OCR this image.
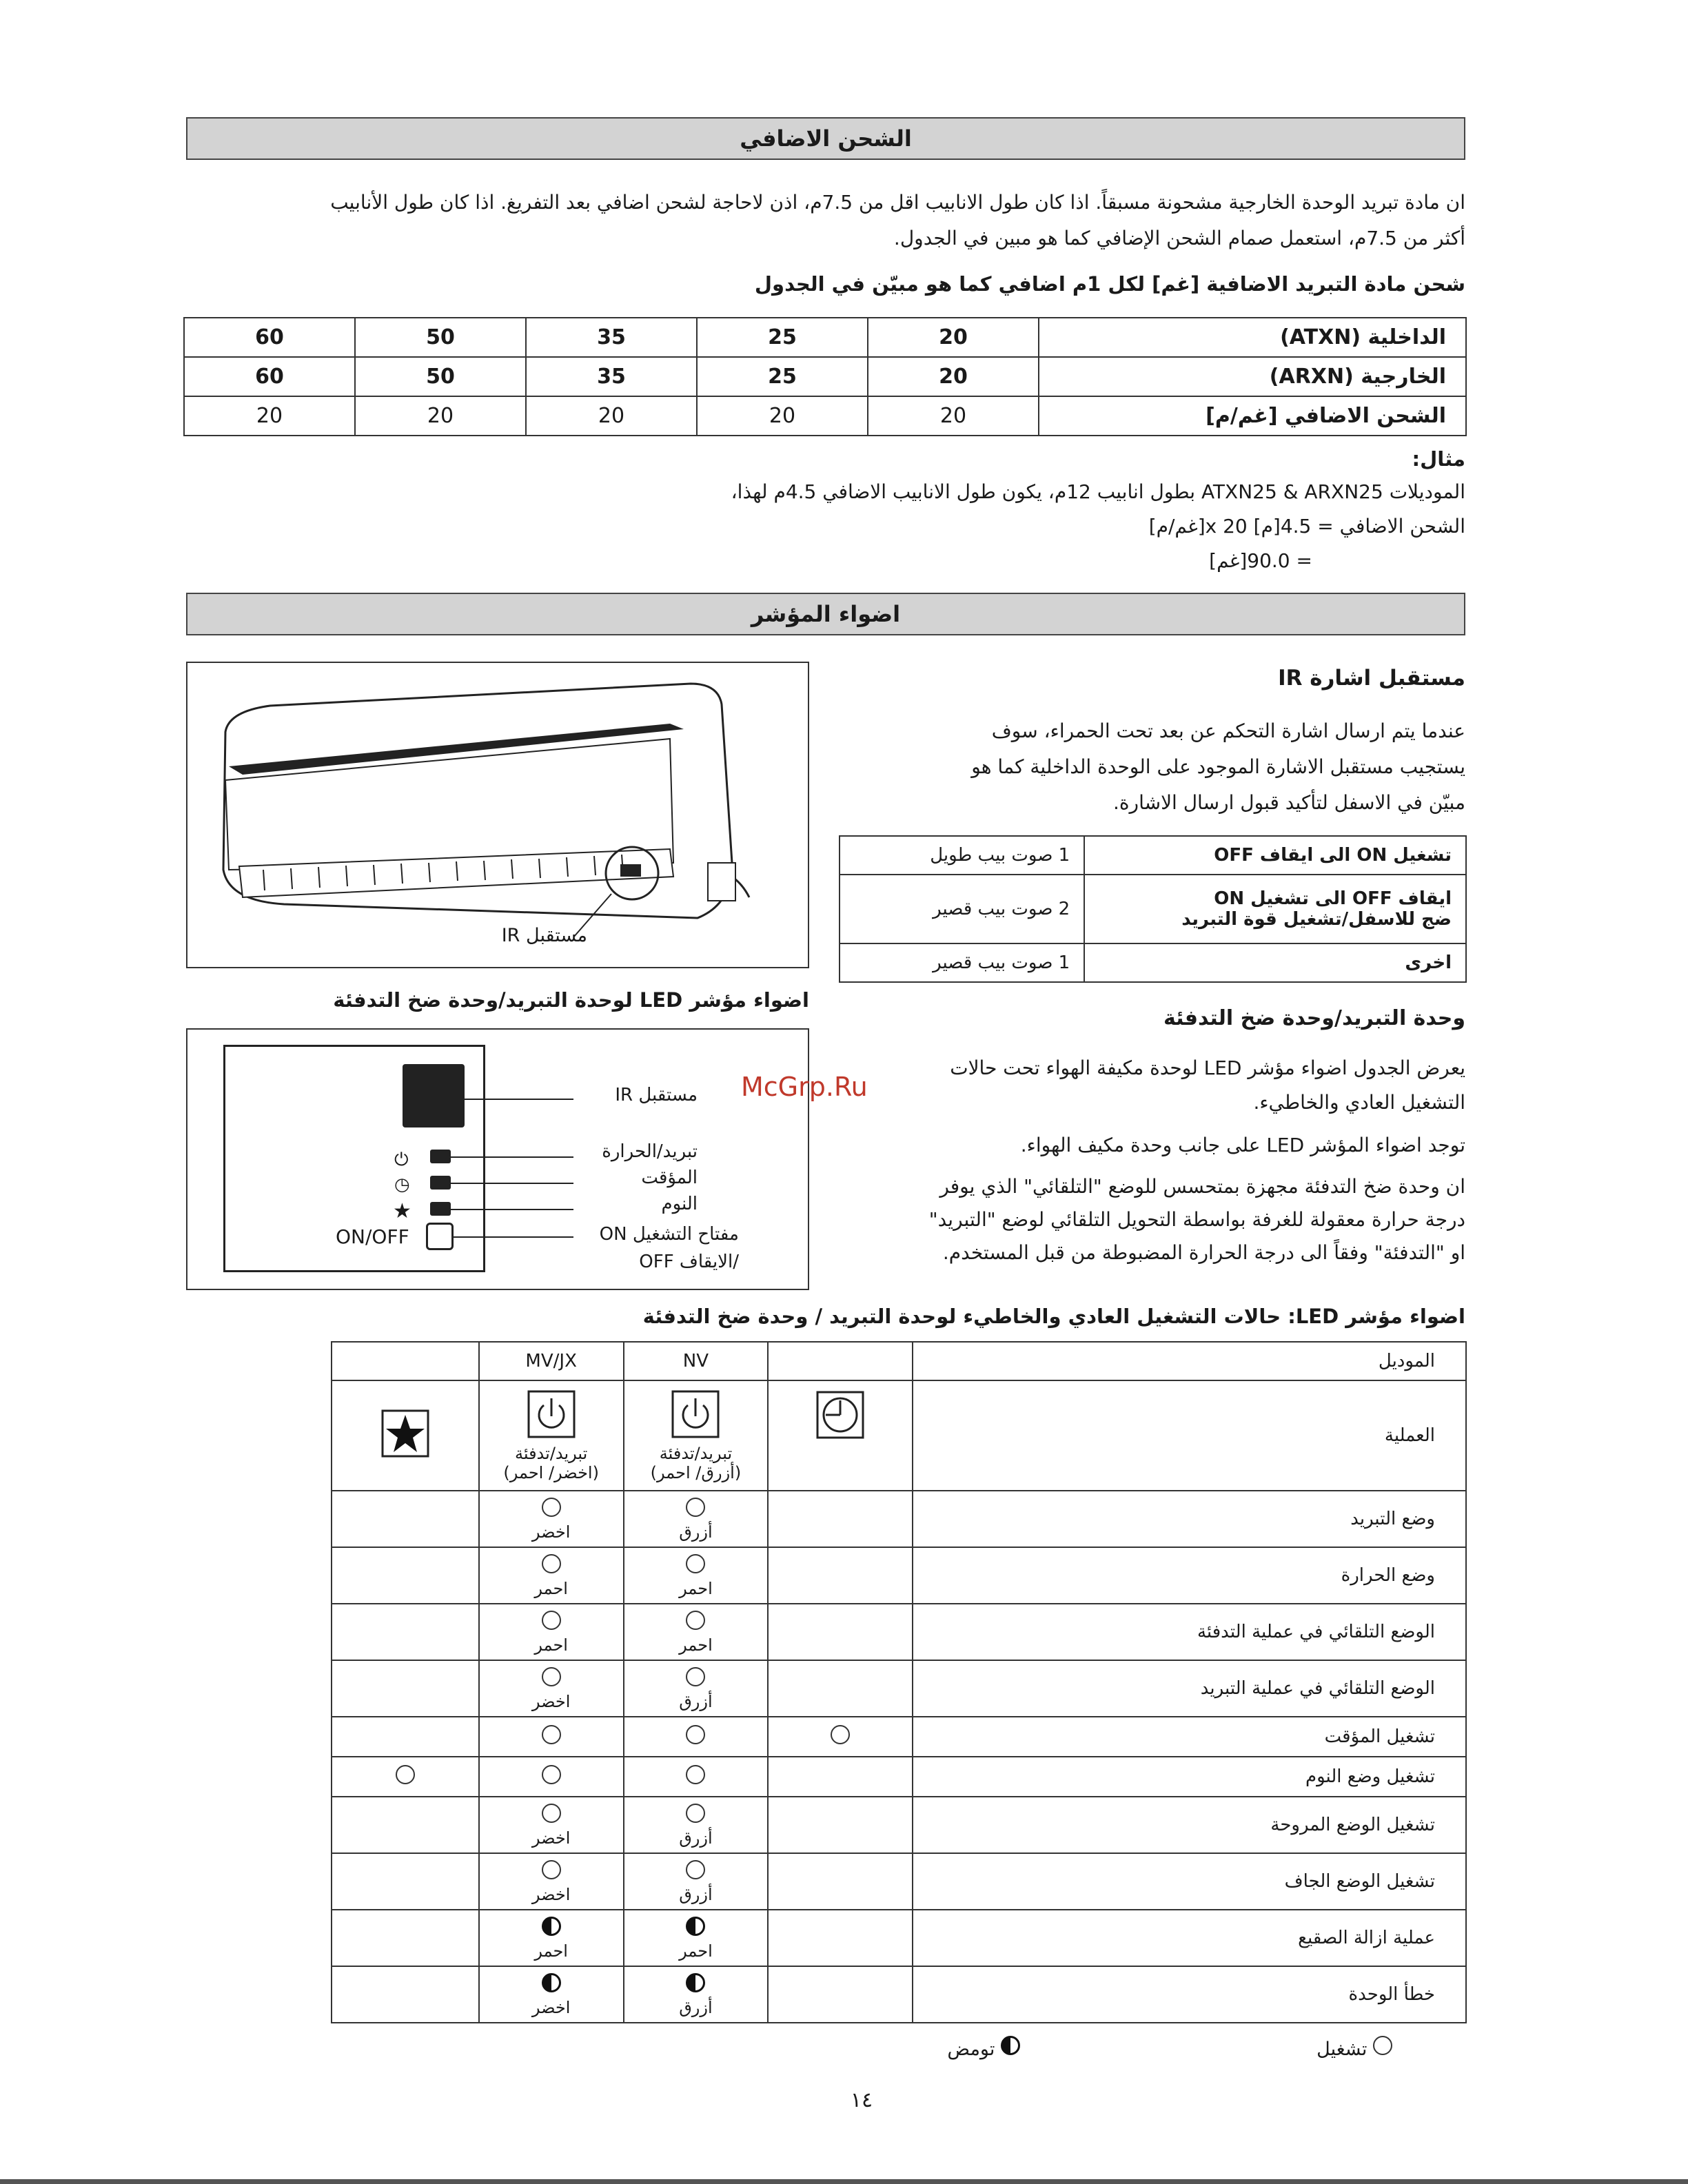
الشحن الاضافي
ان مادة تبريد الوحدة الخارجية مشحونة مسبقاً. اذا كان طول الانابيب اقل من 7.5م، اذن لاحاجة لشحن اضافي بعد التفريغ. اذا كان طول الأنابيب
أكثر من 7.5م، استعمل صمام الشحن الإضافي كما هو مبين في الجدول.
شحن مادة التبريد الاضافية [غم] لكل 1م اضافي كما هو مبيّن في الجدول
60	50	35	25	20	الداخلية (ATXN)
60	50	35	25	20	الخارجية (ARXN)
20	20	20	20	20	الشحن الاضافي [غم/م]
مثال:
الموديلات ATXN25 & ARXN25 بطول انابيب 12م، يكون طول الانابيب الاضافي 4.5م لهذا،
الشحن الاضافي = 4.5[م] x 20[غم/م]
= 90.0[غم]
اضواء المؤشر
مستقبل IR
مستقبل اشارة IR
عندما يتم ارسال اشارة التحكم عن بعد تحت الحمراء، سوف
يستجيب مستقبل الاشارة الموجود على الوحدة الداخلية كما هو
مبيّن في الاسفل لتأكيد قبول ارسال الاشارة.
1 صوت بيب طويل	تشغيل ON الى ايقاف OFF

2 صوت بيب قصير	ايقاف OFF الى تشغيل ON
ضج للاسفل/تشغيل قوة التبريد

1 صوت بيب قصير	اخرى
اضواء مؤشر LED لوحدة التبريد/وحدة ضخ التدفئة
مستقبل IR
⏻	تبريد/الحرارة
◷	المؤقت
★	النوم
ON/OFF	مفتاح التشغيل ON
/الايقاف OFF
وحدة التبريد/وحدة ضخ التدفئة
يعرض الجدول اضواء مؤشر LED لوحدة مكيفة الهواء تحت حالات
التشغيل العادي والخاطيء.
توجد اضواء المؤشر LED على جانب وحدة مكيف الهواء.
ان وحدة ضخ التدفئة مجهزة بمتحسس للوضع "التلقائي" الذي يوفر
درجة حرارة معقولة للغرفة بواسطة التحويل التلقائي لوضع "التبريد"
او "التدفئة" وفقاً الى درجة الحرارة المضبوطة من قبل المستخدم.
McGrp.Ru
اضواء مؤشر LED: حالات التشغيل العادي والخاطيء لوحدة التبريد / وحدة ضخ التدفئة
	MV/JX	NV		الموديل

تبريد/تدفئة
(اخضر/ احمر)	تبريد/تدفئة
(أزرق/ احمر)		العملية

	اخضر	أزرق		وضع التبريد

	احمر	احمر		وضع الحرارة

	احمر	احمر		الوضع التلقائي في عملية التدفئة

	اخضر	أزرق		الوضع التلقائي في عملية التبريد
				تشغيل المؤقت
				تشغيل وضع النوم

	اخضر	أزرق		تشغيل الوضع المروحة

	اخضر	أزرق		تشغيل الوضع الجاف

	احمر	احمر		عملية ازالة الصقيع

	اخضر	أزرق		خطأ الوحدة
تشغيل
تومض
١٤
